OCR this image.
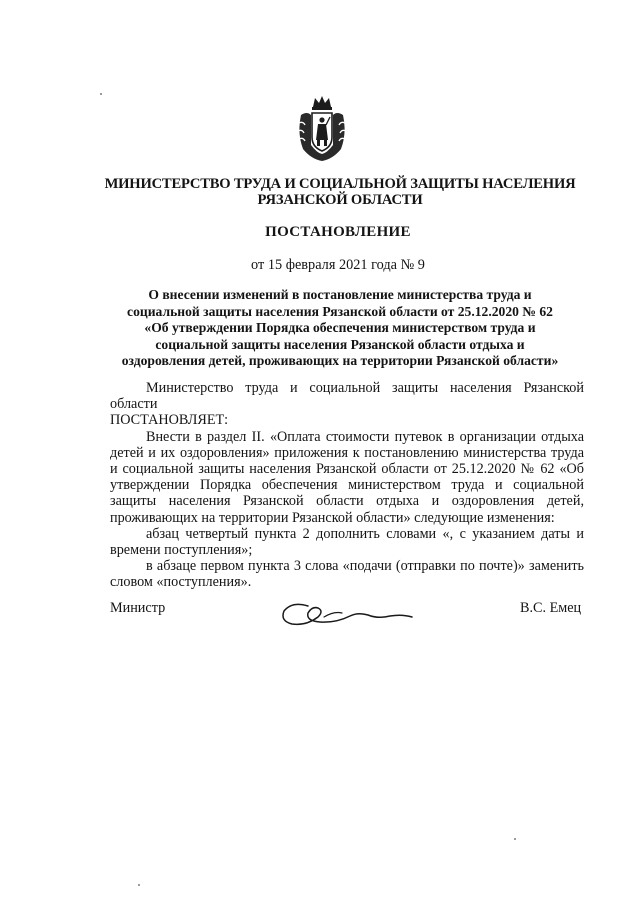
МИНИСТЕРСТВО ТРУДА И СОЦИАЛЬНОЙ ЗАЩИТЫ НАСЕЛЕНИЯ
РЯЗАНСКОЙ ОБЛАСТИ
ПОСТАНОВЛЕНИЕ
от 15 февраля 2021 года № 9
О внесении изменений в постановление министерства труда и
социальной защиты населения Рязанской области от 25.12.2020 № 62
«Об утверждении Порядка обеспечения министерством труда и
социальной защиты населения Рязанской области отдыха и
оздоровления детей, проживающих на территории Рязанской области»

Министерство труда и социальной защиты населения Рязанской области

ПОСТАНОВЛЯЕТ:

Внести в раздел II. «Оплата стоимости путевок в организации отдыха детей и их оздоровления» приложения к постановлению министерства труда и социальной защиты населения Рязанской области от 25.12.2020 № 62 «Об утверждении Порядка обеспечения министерством труда и социальной защиты населения Рязанской области отдыха и оздоровления детей, проживающих на территории Рязанской области» следующие изменения:

абзац четвертый пункта 2 дополнить словами «, с указанием даты и времени поступления»;

в абзаце первом пункта 3 слова «подачи (отправки по почте)» заменить словом «поступления».

Министр	В.С. Емец
